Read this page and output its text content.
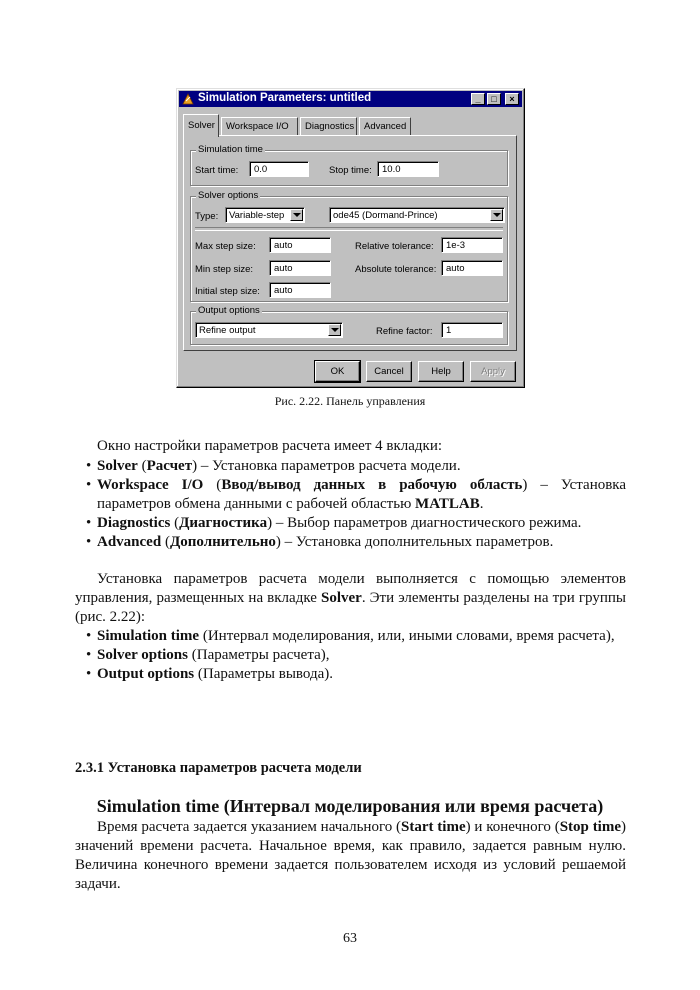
Simulation Parameters: untitled	_	□	×
Solver	Workspace I/O	Diagnostics	Advanced
Simulation time
Start time:	0.0	Stop time:	10.0
Solver options
Type:	Variable-step	ode45 (Dormand-Prince)
Max step size:	auto	Relative tolerance:	1e-3
Min step size:	auto	Absolute tolerance:	auto
Initial step size:	auto
Output options
Refine output	Refine factor:	1
OK	Cancel	Help	Apply
Рис. 2.22. Панель управления

Окно настройки параметров расчета имеет 4 вкладки:

• Solver (Расчет) – Установка параметров расчета модели.
• Workspace I/O (Ввод/вывод данных в рабочую область) – Установка параметров обмена данными с рабочей областью MATLAB.
• Diagnostics (Диагностика) – Выбор параметров диагностического режима.
• Advanced (Дополнительно) – Установка дополнительных параметров.

Установка параметров расчета модели выполняется с помощью элементов управления, размещенных на вкладке Solver. Эти элементы разделены на три группы (рис. 2.22):

• Simulation time (Интервал моделирования, или, иными словами, время расчета),
• Solver options (Параметры расчета),
• Output options (Параметры вывода).
2.3.1 Установка параметров расчета модели
Simulation time (Интервал моделирования или время расчета)

Время расчета задается указанием начального (Start time) и конечного (Stop time) значений времени расчета. Начальное время, как правило, задается равным нулю. Величина конечного времени задается пользователем исходя из условий решаемой задачи.

63
